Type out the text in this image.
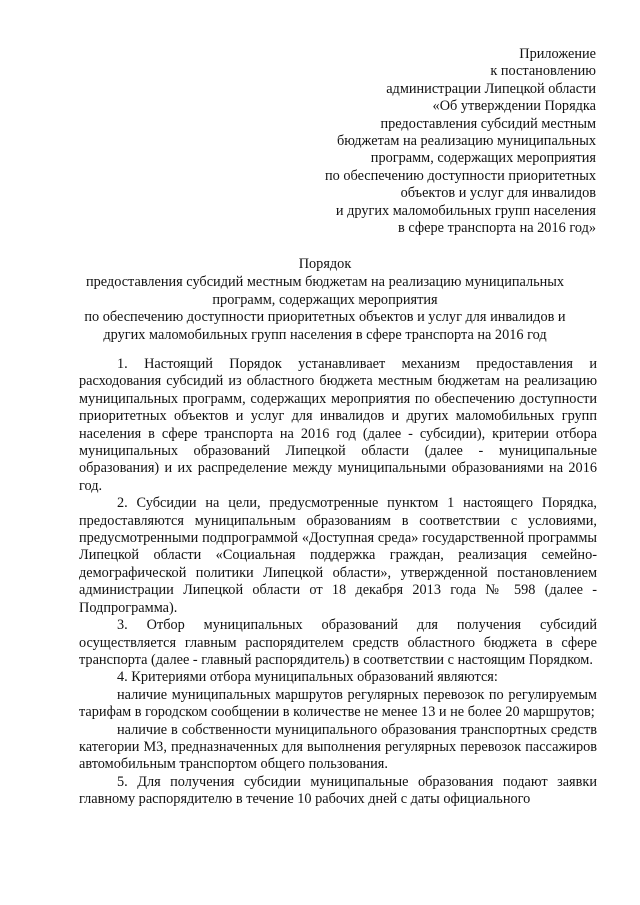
Приложение
к постановлению
администрации Липецкой области
«Об утверждении Порядка
предоставления субсидий местным
бюджетам на реализацию муниципальных
программ, содержащих мероприятия
по обеспечению доступности приоритетных
объектов и услуг для инвалидов
и других маломобильных групп населения
в сфере транспорта на 2016 год»
Порядок
предоставления субсидий местным бюджетам на реализацию муниципальных
программ, содержащих мероприятия
по обеспечению доступности приоритетных объектов и услуг для инвалидов и
других маломобильных групп населения в сфере транспорта на 2016 год

1. Настоящий Порядок устанавливает механизм предоставления и расходования субсидий из областного бюджета местным бюджетам на реализацию муниципальных программ, содержащих мероприятия по обеспечению доступности приоритетных объектов и услуг для инвалидов и других маломобильных групп населения в сфере транспорта на 2016 год (далее - субсидии), критерии отбора муниципальных образований Липецкой области (далее - муниципальные образования) и их распределение между муниципальными образованиями на 2016 год.

2. Субсидии на цели, предусмотренные пунктом 1 настоящего Порядка, предоставляются муниципальным образованиям в соответствии с условиями, предусмотренными подпрограммой «Доступная среда» государственной программы Липецкой области «Социальная поддержка граждан, реализация семейно-демографической политики Липецкой области», утвержденной постановлением администрации Липецкой области от 18 декабря 2013 года № 598 (далее - Подпрограмма).

3. Отбор муниципальных образований для получения субсидий осуществляется главным распорядителем средств областного бюджета в сфере транспорта (далее - главный распорядитель) в соответствии с настоящим Порядком.

4. Критериями отбора муниципальных образований являются:

наличие муниципальных маршрутов регулярных перевозок по регулируемым тарифам в городском сообщении в количестве не менее 13 и не более 20 маршрутов;

наличие в собственности муниципального образования транспортных средств категории М3, предназначенных для выполнения регулярных перевозок пассажиров автомобильным транспортом общего пользования.

5. Для получения субсидии муниципальные образования подают заявки главному распорядителю в течение 10 рабочих дней с даты официального
